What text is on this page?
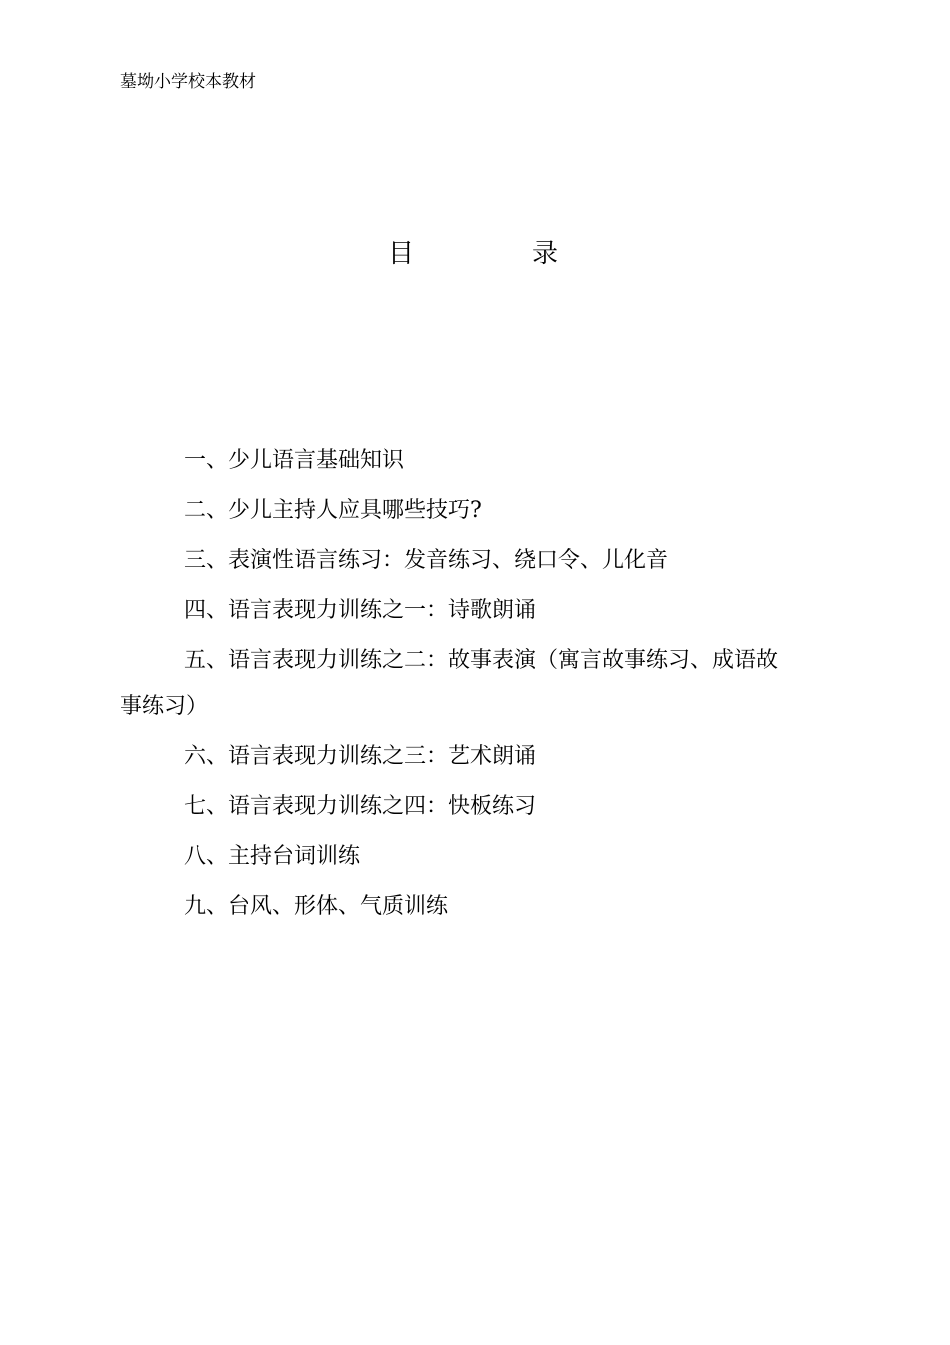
墓坳小学校本教材
目	录
一、少儿语言基础知识
二、少儿主持人应具哪些技巧?
三、表演性语言练习：发音练习、绕口令、儿化音
四、语言表现力训练之一：诗歌朗诵
五、语言表现力训练之二：故事表演（寓言故事练习、成语故事练习）
六、语言表现力训练之三：艺术朗诵
七、语言表现力训练之四：快板练习
八、主持台词训练
九、台风、形体、气质训练
